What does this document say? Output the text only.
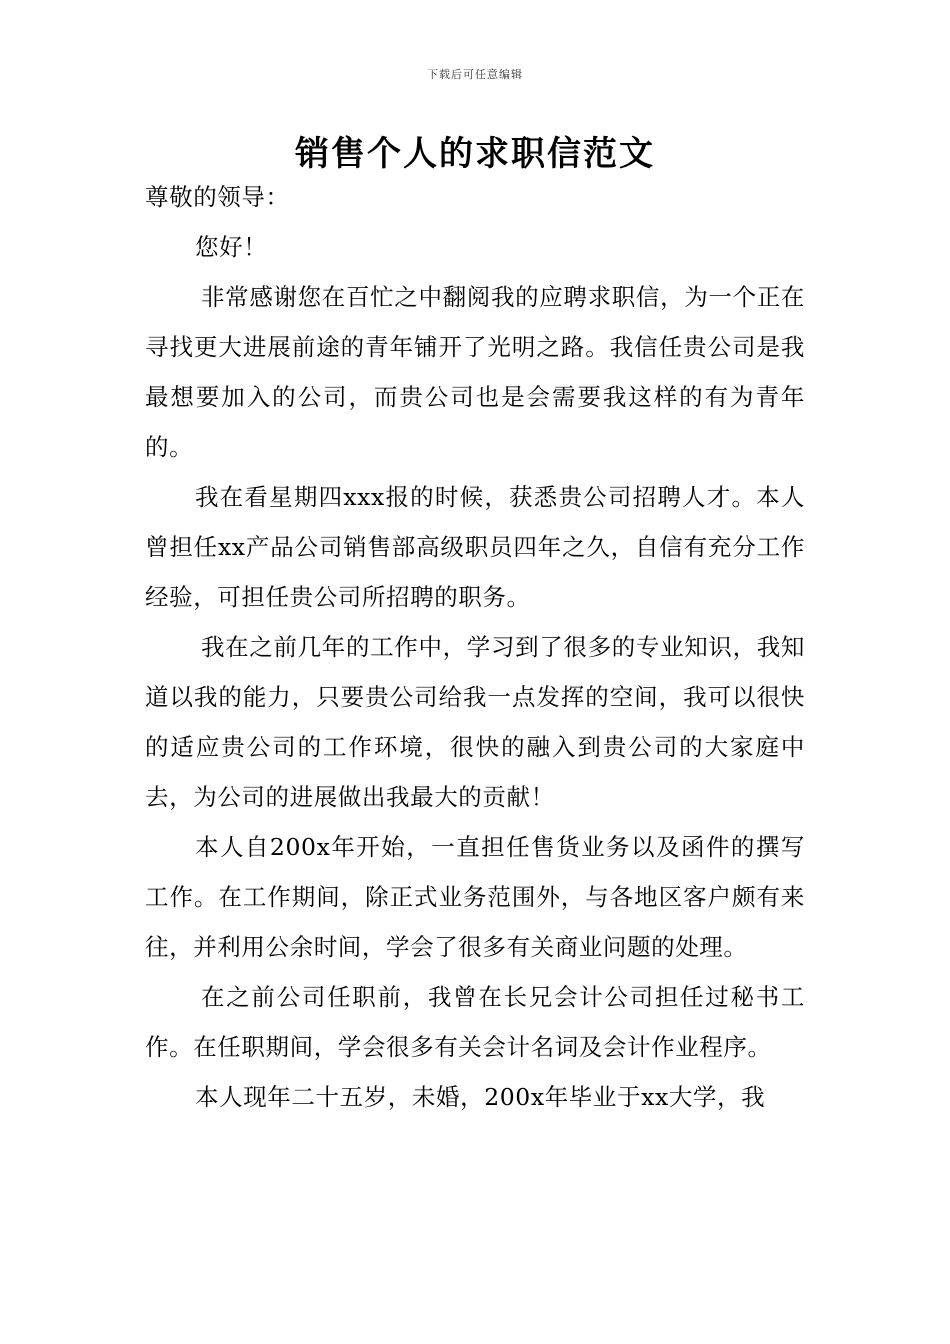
下载后可任意编辑
销售个人的求职信范文

尊敬的领导：

您好！

非常感谢您在百忙之中翻阅我的应聘求职信，为一个正在寻找更大进展前途的青年铺开了光明之路。我信任贵公司是我最想要加入的公司，而贵公司也是会需要我这样的有为青年的。

我在看星期四xxx报的时候，获悉贵公司招聘人才。本人曾担任xx产品公司销售部高级职员四年之久，自信有充分工作经验，可担任贵公司所招聘的职务。

我在之前几年的工作中，学习到了很多的专业知识，我知道以我的能力，只要贵公司给我一点发挥的空间，我可以很快的适应贵公司的工作环境，很快的融入到贵公司的大家庭中去，为公司的进展做出我最大的贡献！

本人自200x年开始，一直担任售货业务以及函件的撰写工作。在工作期间，除正式业务范围外，与各地区客户颇有来往，并利用公余时间，学会了很多有关商业问题的处理。

在之前公司任职前，我曾在长兄会计公司担任过秘书工作。在任职期间，学会很多有关会计名词及会计作业程序。

本人现年二十五岁，未婚，200x年毕业于xx大学，我
